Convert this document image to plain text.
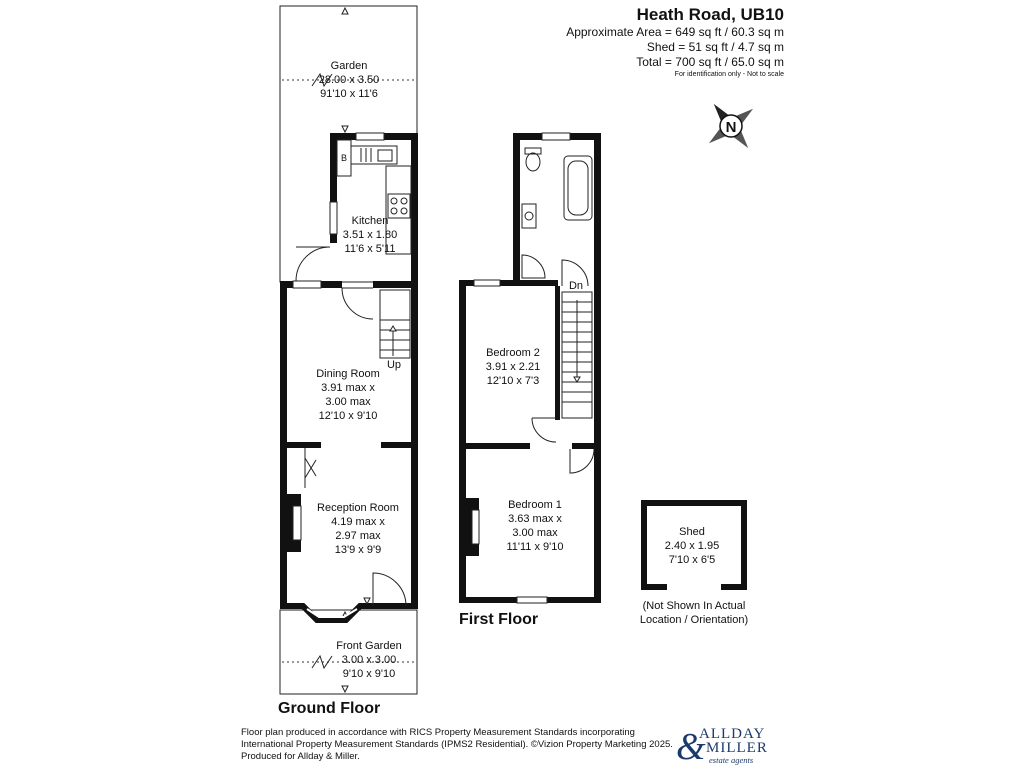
Heath Road, UB10
Approximate Area = 649 sq ft / 60.3 sq m
Shed = 51 sq ft / 4.7 sq m
Total = 700 sq ft / 65.0 sq m
For identification only - Not to scale
N
B
Up
Garden
28.00 x 3.50
91'10 x 11'6
Kitchen
3.51 x 1.80
11'6 x 5'11
Dining Room
3.91 max x
3.00 max
12'10 x 9'10
Reception Room
4.19 max x
2.97 max
13'9 x 9'9
Front Garden
3.00 x 3.00
9'10 x 9'10
Ground Floor
Dn
Bedroom 2
3.91 x 2.21
12'10 x 7'3
Bedroom 1
3.63 max x
3.00 max
11'11 x 9'10
First Floor
Shed
2.40 x 1.95
7'10 x 6'5
(Not Shown In Actual
Location / Orientation)
Floor plan produced in accordance with RICS Property Measurement Standards incorporating
International Property Measurement Standards (IPMS2 Residential). ©Vizion Property Marketing 2025.
Produced for Allday & Miller.	&
ALLDAY
MILLER
estate agents
